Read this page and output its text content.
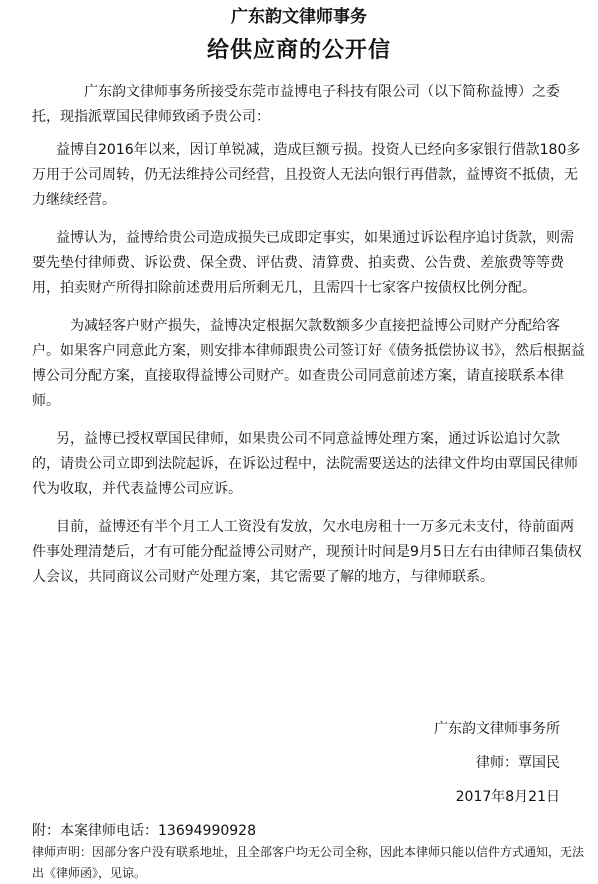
广东韵文律师事务
给供应商的公开信

广东韵文律师事务所接受东莞市益博电子科技有限公司（以下简称益博）之委托，现指派覃国民律师致函予贵公司：

益博自2016年以来，因订单锐减，造成巨额亏损。投资人已经向多家银行借款180多万用于公司周转，仍无法维持公司经营，且投资人无法向银行再借款，益博资不抵债，无力继续经营。

益博认为，益博给贵公司造成损失已成即定事实，如果通过诉讼程序追讨货款，则需要先垫付律师费、诉讼费、保全费、评估费、清算费、拍卖费、公告费、差旅费等等费用，拍卖财产所得扣除前述费用后所剩无几，且需四十七家客户按债权比例分配。

为减轻客户财产损失，益博决定根据欠款数额多少直接把益博公司财产分配给客户。如果客户同意此方案，则安排本律师跟贵公司签订好《债务抵偿协议书》，然后根据益博公司分配方案，直接取得益博公司财产。如查贵公司同意前述方案，请直接联系本律师。

另，益博已授权覃国民律师，如果贵公司不同意益博处理方案，通过诉讼追讨欠款的，请贵公司立即到法院起诉，在诉讼过程中，法院需要送达的法律文件均由覃国民律师代为收取，并代表益博公司应诉。

目前，益博还有半个月工人工资没有发放，欠水电房租十一万多元未支付，待前面两件事处理清楚后，才有可能分配益博公司财产，现预计时间是9月5日左右由律师召集债权人会议，共同商议公司财产处理方案，其它需要了解的地方，与律师联系。

广东韵文律师事务所
律师：覃国民
2017年8月21日
附：本案律师电话：13694990928
律师声明：因部分客户没有联系地址，且全部客户均无公司全称，因此本律师只能以信件方式通知，无法出《律师函》，见谅。
